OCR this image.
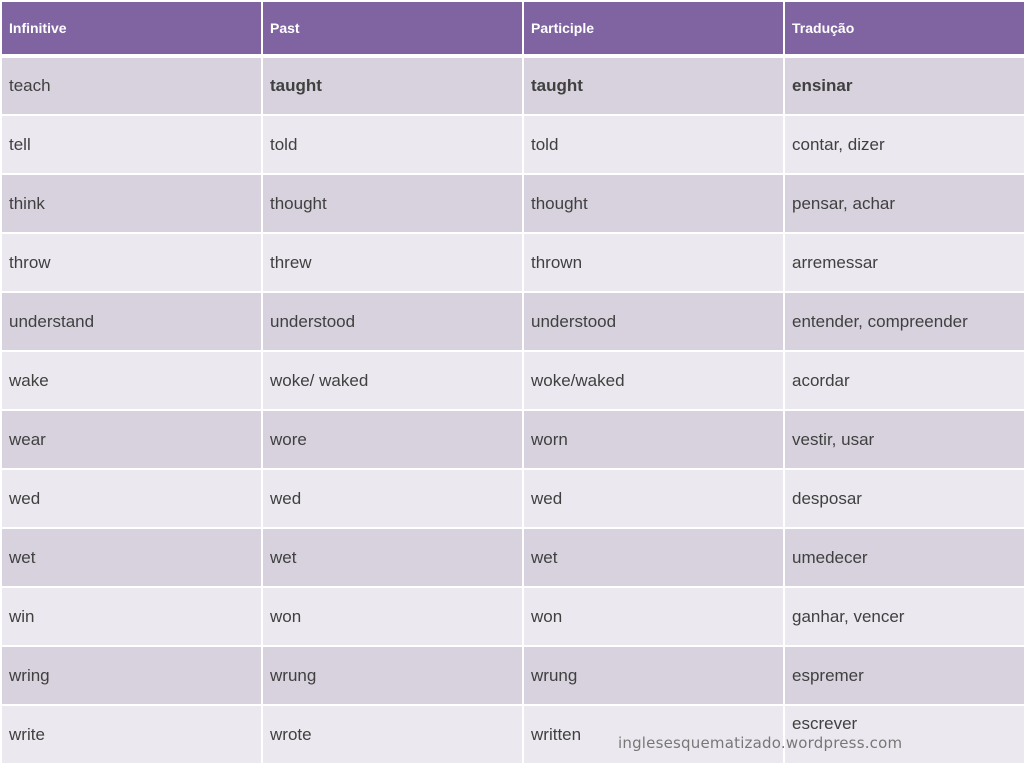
Infinitive	Past	Participle	Tradução
teach	taught	taught	ensinar
tell	told	told	contar, dizer
think	thought	thought	pensar, achar
throw	threw	thrown	arremessar
understand	understood	understood	entender, compreender
wake	woke/ waked	woke/waked	acordar
wear	wore	worn	vestir, usar
wed	wed	wed	desposar
wet	wet	wet	umedecer
win	won	won	ganhar, vencer
wring	wrung	wrung	espremer
write	wrote	written	escrever
inglesesquematizado.wordpress.com
